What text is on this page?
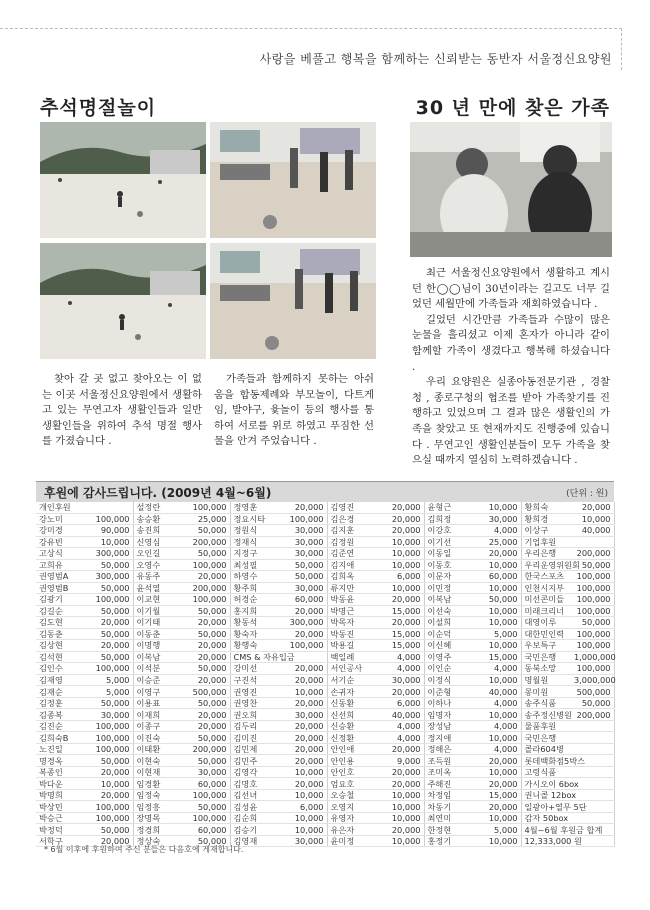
사랑을 베풀고 행복을 함께하는 신뢰받는 동반자 서울정신요양원
추석명절놀이	30 년 만에 찾은 가족
찾아 갈 곳 없고 찾아오는 이 없는 이곳 서울정신요양원에서 생활하고 있는 무연고자 생활인들과 일반 생활인들을 위하여 추석 명절 행사를 가졌습니다 .
가족들과 함께하지 못하는 아쉬움을 합동제례와 부모놀이, 다트게임, 발야구, 윷놀이 등의 행사를 통하여 서로를 위로 하였고 푸짐한 선물을 안겨 주었습니다 .

최근 서울정신요양원에서 생활하고 계시던 한◯◯님이 30년이라는 길고도 너무 길었던 세월만에 가족들과 재회하였습니다 .

길었던 시간만큼 가족들과 수많이 많은 눈물을 흘리셨고 이제 혼자가 아니라 같이 함께할 가족이 생겼다고 행복해 하셨습니다 .

우리 요양원은 실종아동전문기관 , 경찰청 , 종로구청의 협조를 받아 가족찾기를 진행하고 있었으며 그 결과 많은 생활인의 가족을 찾았고 또 현재까지도 진행중에 있습니다 . 무연고인 생활인분들이 모두 가족을 찾으실 때까지 열심히 노력하겠습니다 .

후원에 감사드립니다. (2009년 4월~6월)	(단위 : 원)
개인후원		설정란	100,000	정영훈	20,000	김영진	20,000	윤형근	10,000	황희숙	20,000
강노미	100,000	송승환	25,000	정요시타	100,000	김은경	20,000	김희정	30,000	황희경	10,000
강미경	90,000	송진희	50,000	정원식	30,000	김지훈	20,000	이강호	4,000	이상구	40,000
강유빈	10,000	신영심	200,000	정재식	30,000	김정원	10,000	이기선	25,000	기업후원	
고상식	300,000	오인길	50,000	지정구	30,000	김준연	10,000	이동일	20,000	우리은행	200,000
고희유	50,000	오영수	100,000	최성필	50,000	김지애	10,000	이동호	10,000	우리운영위원회	50,000
권영범A	300,000	유동주	20,000	하영수	50,000	김희옥	6,000	이문자	60,000	한국스포츠	100,000
권영범B	50,000	윤석열	200,000	황주희	30,000	류지만	10,000	이민정	10,000	인천시지부	100,000
김광기	100,000	이교현	100,000	허경순	60,000	박동윤	20,000	이복남	50,000	미선콘미들	100,000
김길순	50,000	이기월	50,000	홍지희	20,000	박명근	15,000	이선숙	10,000	미래크리너	100,000
김도현	20,000	이기태	20,000	황동석	300,000	박목자	20,000	이설희	10,000	대영이루	50,000
김동춘	50,000	이동춘	50,000	황숙자	20,000	박동진	15,000	이순덕	5,000	대한민인력	100,000
김상현	20,000	이명행	20,000	황행숙	100,000	박용길	15,000	이신혜	10,000	우보특구	100,000
김석현	50,000	이복남	20,000	CMS & 자유입금		백일례	4,000	이영주	15,000	국민은행	1,000,000
김인수	100,000	이석분	50,000	강미선	20,000	서인공사	4,000	이인순	4,000	동북소망	100,000
김재영	5,000	이승준	20,000	구진석	20,000	서기순	30,000	이정식	10,000	명월원	3,000,000
김재순	5,000	이영구	500,000	권영진	10,000	손귀자	20,000	이준형	40,000	몽미원	500,000
김정훈	50,000	이용표	50,000	권영찬	20,000	신동환	6,000	이하나	4,000	송주식품	50,000
김종복	30,000	이재희	20,000	권오희	30,000	신선희	40,000	임명자	10,000	송주정신병원	200,000
김진순	100,000	이종구	20,000	김두리	20,000	신승환	4,000	장성남	4,000	물품후원	
김희숙B	100,000	이진숙	50,000	김미진	20,000	신정환	4,000	정지애	10,000	국민은행	
노진일	100,000	이태환	200,000	김민제	20,000	안인애	20,000	정해은	4,000	콜라604병	
명경옥	50,000	이현숙	50,000	김민주	20,000	안인용	9,000	조득원	20,000	롯데백화점5박스	
복종인	20,000	이현재	30,000	김영각	10,000	안인호	20,000	조미옥	10,000	고령식품	
박다운	10,000	임경환	60,000	김명호	20,000	엄요호	20,000	주해진	20,000	가시오이 6box	
박명희	20,000	임정숙	100,000	김선녀	10,000	오승철	10,000	차정임	15,000	권니콜 12box	
박상민	100,000	임정흥	50,000	김성윤	6,000	오영지	10,000	차동기	20,000	일광아+열무 5단	
박승근	100,000	장명목	100,000	김순희	10,000	유영자	10,000	최연미	10,000	감자 50box	
박정덕	50,000	정경희	60,000	김승기	10,000	유은자	20,000	한정현	5,000	4월~6월 후원금 합계	
서학구	20,000	정상숙	50,000	김영재	30,000	윤미정	10,000	홍정기	10,000	12,333,000 원	
* 6월 이후에 후원하여 주신 분들은 다음호에 게재합니다.
